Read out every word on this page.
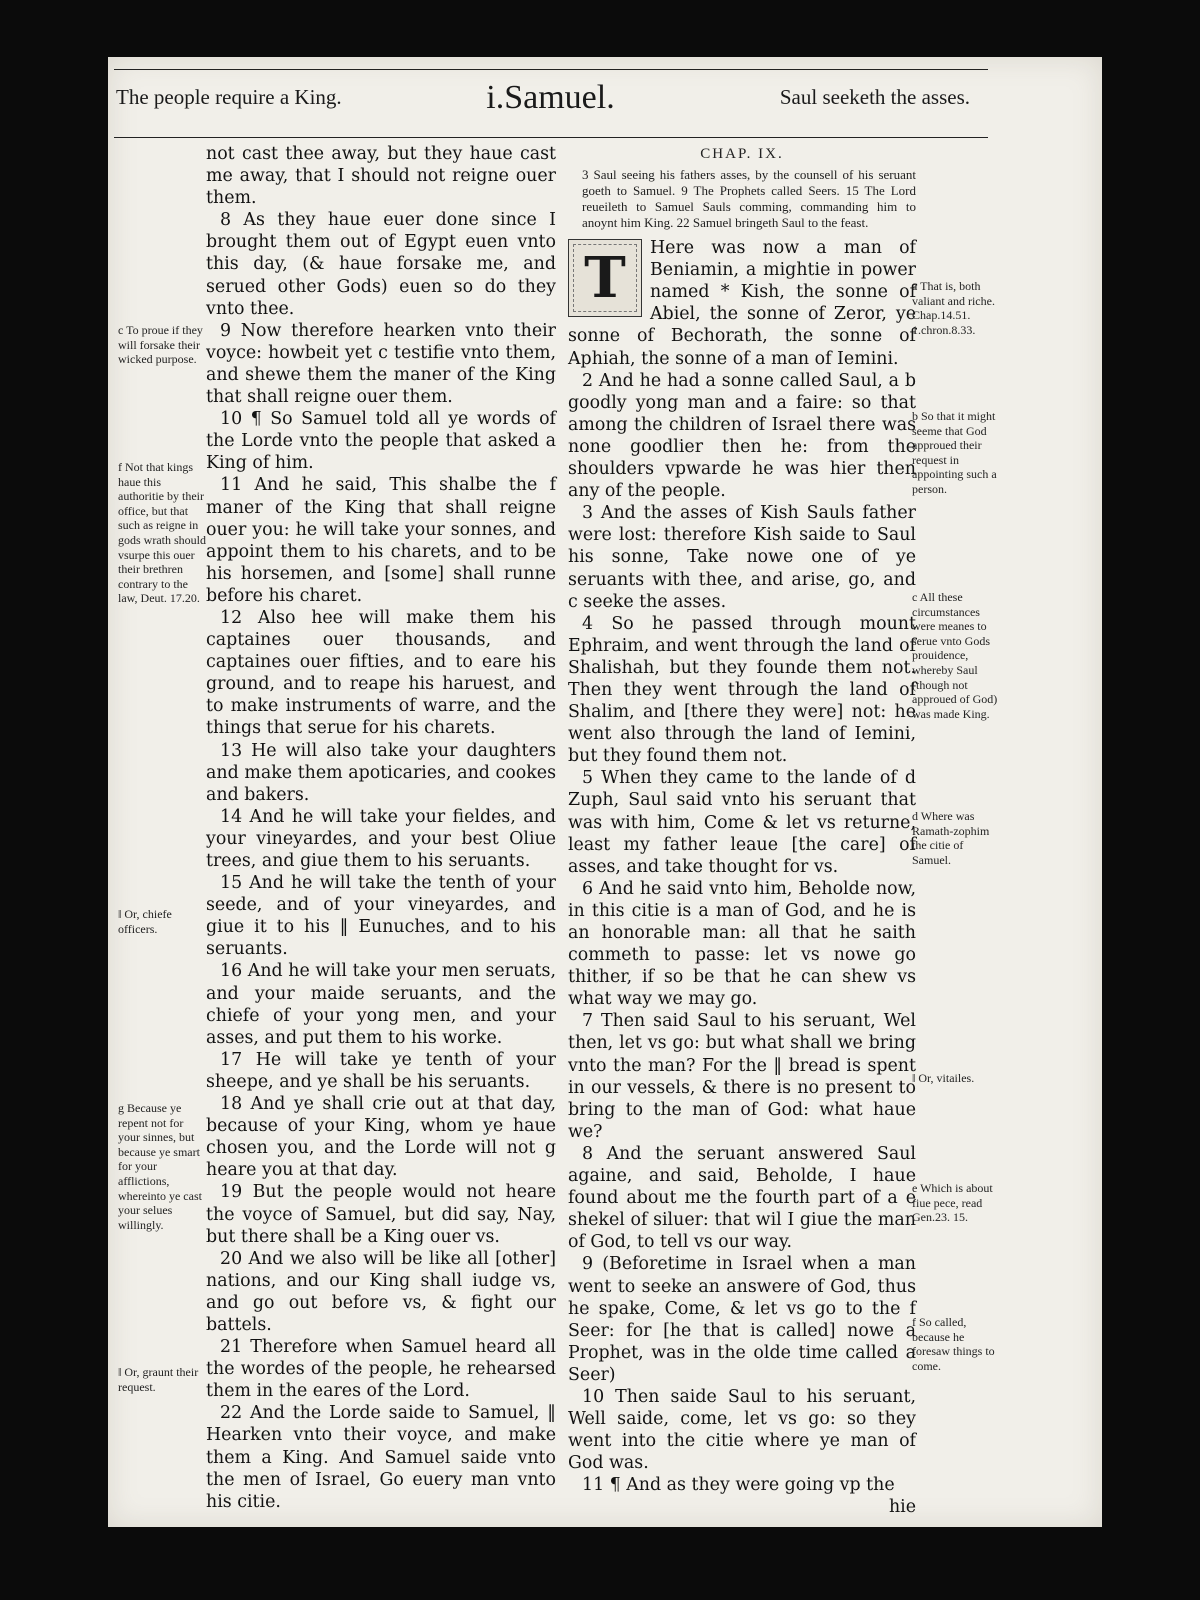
The people require a King.	i.Samuel.	Saul seeketh the asses.

not cast thee away, but they haue cast me away, that I should not reigne ouer them.

8 As they haue euer done since I brought them out of Egypt euen vnto this day, (& haue forsake me, and serued other Gods) euen so do they vnto thee.

9 Now therefore hearken vnto their voyce: howbeit yet c testifie vnto them, and shewe them the maner of the King that shall reigne ouer them.

10 ¶ So Samuel told all ye words of the Lorde vnto the people that asked a King of him.

11 And he said, This shalbe the f maner of the King that shall reigne ouer you: he will take your sonnes, and appoint them to his charets, and to be his horsemen, and [some] shall runne before his charet.

12 Also hee will make them his captaines ouer thousands, and captaines ouer fifties, and to eare his ground, and to reape his haruest, and to make instruments of warre, and the things that serue for his charets.

13 He will also take your daughters and make them apoticaries, and cookes and bakers.

14 And he will take your fieldes, and your vineyardes, and your best Oliue trees, and giue them to his seruants.

15 And he will take the tenth of your seede, and of your vineyardes, and giue it to his ‖ Eunuches, and to his seruants.

16 And he will take your men seruats, and your maide seruants, and the chiefe of your yong men, and your asses, and put them to his worke.

17 He will take ye tenth of your sheepe, and ye shall be his seruants.

18 And ye shall crie out at that day, because of your King, whom ye haue chosen you, and the Lorde will not g heare you at that day.

19 But the people would not heare the voyce of Samuel, but did say, Nay, but there shall be a King ouer vs.

20 And we also will be like all [other] nations, and our King shall iudge vs, and go out before vs, & fight our battels.

21 Therefore when Samuel heard all the wordes of the people, he rehearsed them in the eares of the Lord.

22 And the Lorde saide to Samuel, ‖ Hearken vnto their voyce, and make them a King. And Samuel saide vnto the men of Israel, Go euery man vnto his citie.

CHAP. IX.
3 Saul seeing his fathers asses, by the counsell of his seruant goeth to Samuel. 9 The Prophets called Seers. 15 The Lord reueileth to Samuel Sauls comming, commanding him to anoynt him King. 22 Samuel bringeth Saul to the feast.
T	Here was now a man of Beniamin, a mightie in power named * Kish, the sonne of Abiel, the sonne of Zeror, ye sonne of Bechorath, the sonne of Aphiah, the sonne of a man of Iemini.

2 And he had a sonne called Saul, a b goodly yong man and a faire: so that among the children of Israel there was none goodlier then he: from the shoulders vpwarde he was hier then any of the people.

3 And the asses of Kish Sauls father were lost: therefore Kish saide to Saul his sonne, Take nowe one of ye seruants with thee, and arise, go, and c seeke the asses.

4 So he passed through mount Ephraim, and went through the land of Shalishah, but they founde them not. Then they went through the land of Shalim, and [there they were] not: he went also through the land of Iemini, but they found them not.

5 When they came to the lande of d Zuph, Saul said vnto his seruant that was with him, Come & let vs returne, least my father leaue [the care] of asses, and take thought for vs.

6 And he said vnto him, Beholde now, in this citie is a man of God, and he is an honorable man: all that he saith commeth to passe: let vs nowe go thither, if so be that he can shew vs what way we may go.

7 Then said Saul to his seruant, Wel then, let vs go: but what shall we bring vnto the man? For the ‖ bread is spent in our vessels, & there is no present to bring to the man of God: what haue we?

8 And the seruant answered Saul againe, and said, Beholde, I haue found about me the fourth part of a e shekel of siluer: that wil I giue the man of God, to tell vs our way.

9 (Beforetime in Israel when a man went to seeke an answere of God, thus he spake, Come, & let vs go to the f Seer: for [he that is called] nowe a Prophet, was in the olde time called a Seer)

10 Then saide Saul to his seruant, Well saide, come, let vs go: so they went into the citie where ye man of God was.

11 ¶ And as they were going vp the

hie

c To proue if they will forsake their wicked purpose.
f Not that kings haue this authoritie by their office, but that such as reigne in gods wrath should vsurpe this ouer their brethren contrary to the law, Deut. 17.20.
‖ Or, chiefe officers.
g Because ye repent not for your sinnes, but because ye smart for your afflictions, whereinto ye cast your selues willingly.
‖ Or, graunt their request.
a That is, both valiant and riche. Chap.14.51. 1.chron.8.33.
b So that it might seeme that God approued their request in appointing such a person.
c All these circumstances were meanes to serue vnto Gods prouidence, whereby Saul (though not approued of God) was made King.
d Where was Ramath-zophim the citie of Samuel.
‖ Or, vitailes.
e Which is about fiue pece, read Gen.23. 15.
f So called, because he foresaw things to come.
